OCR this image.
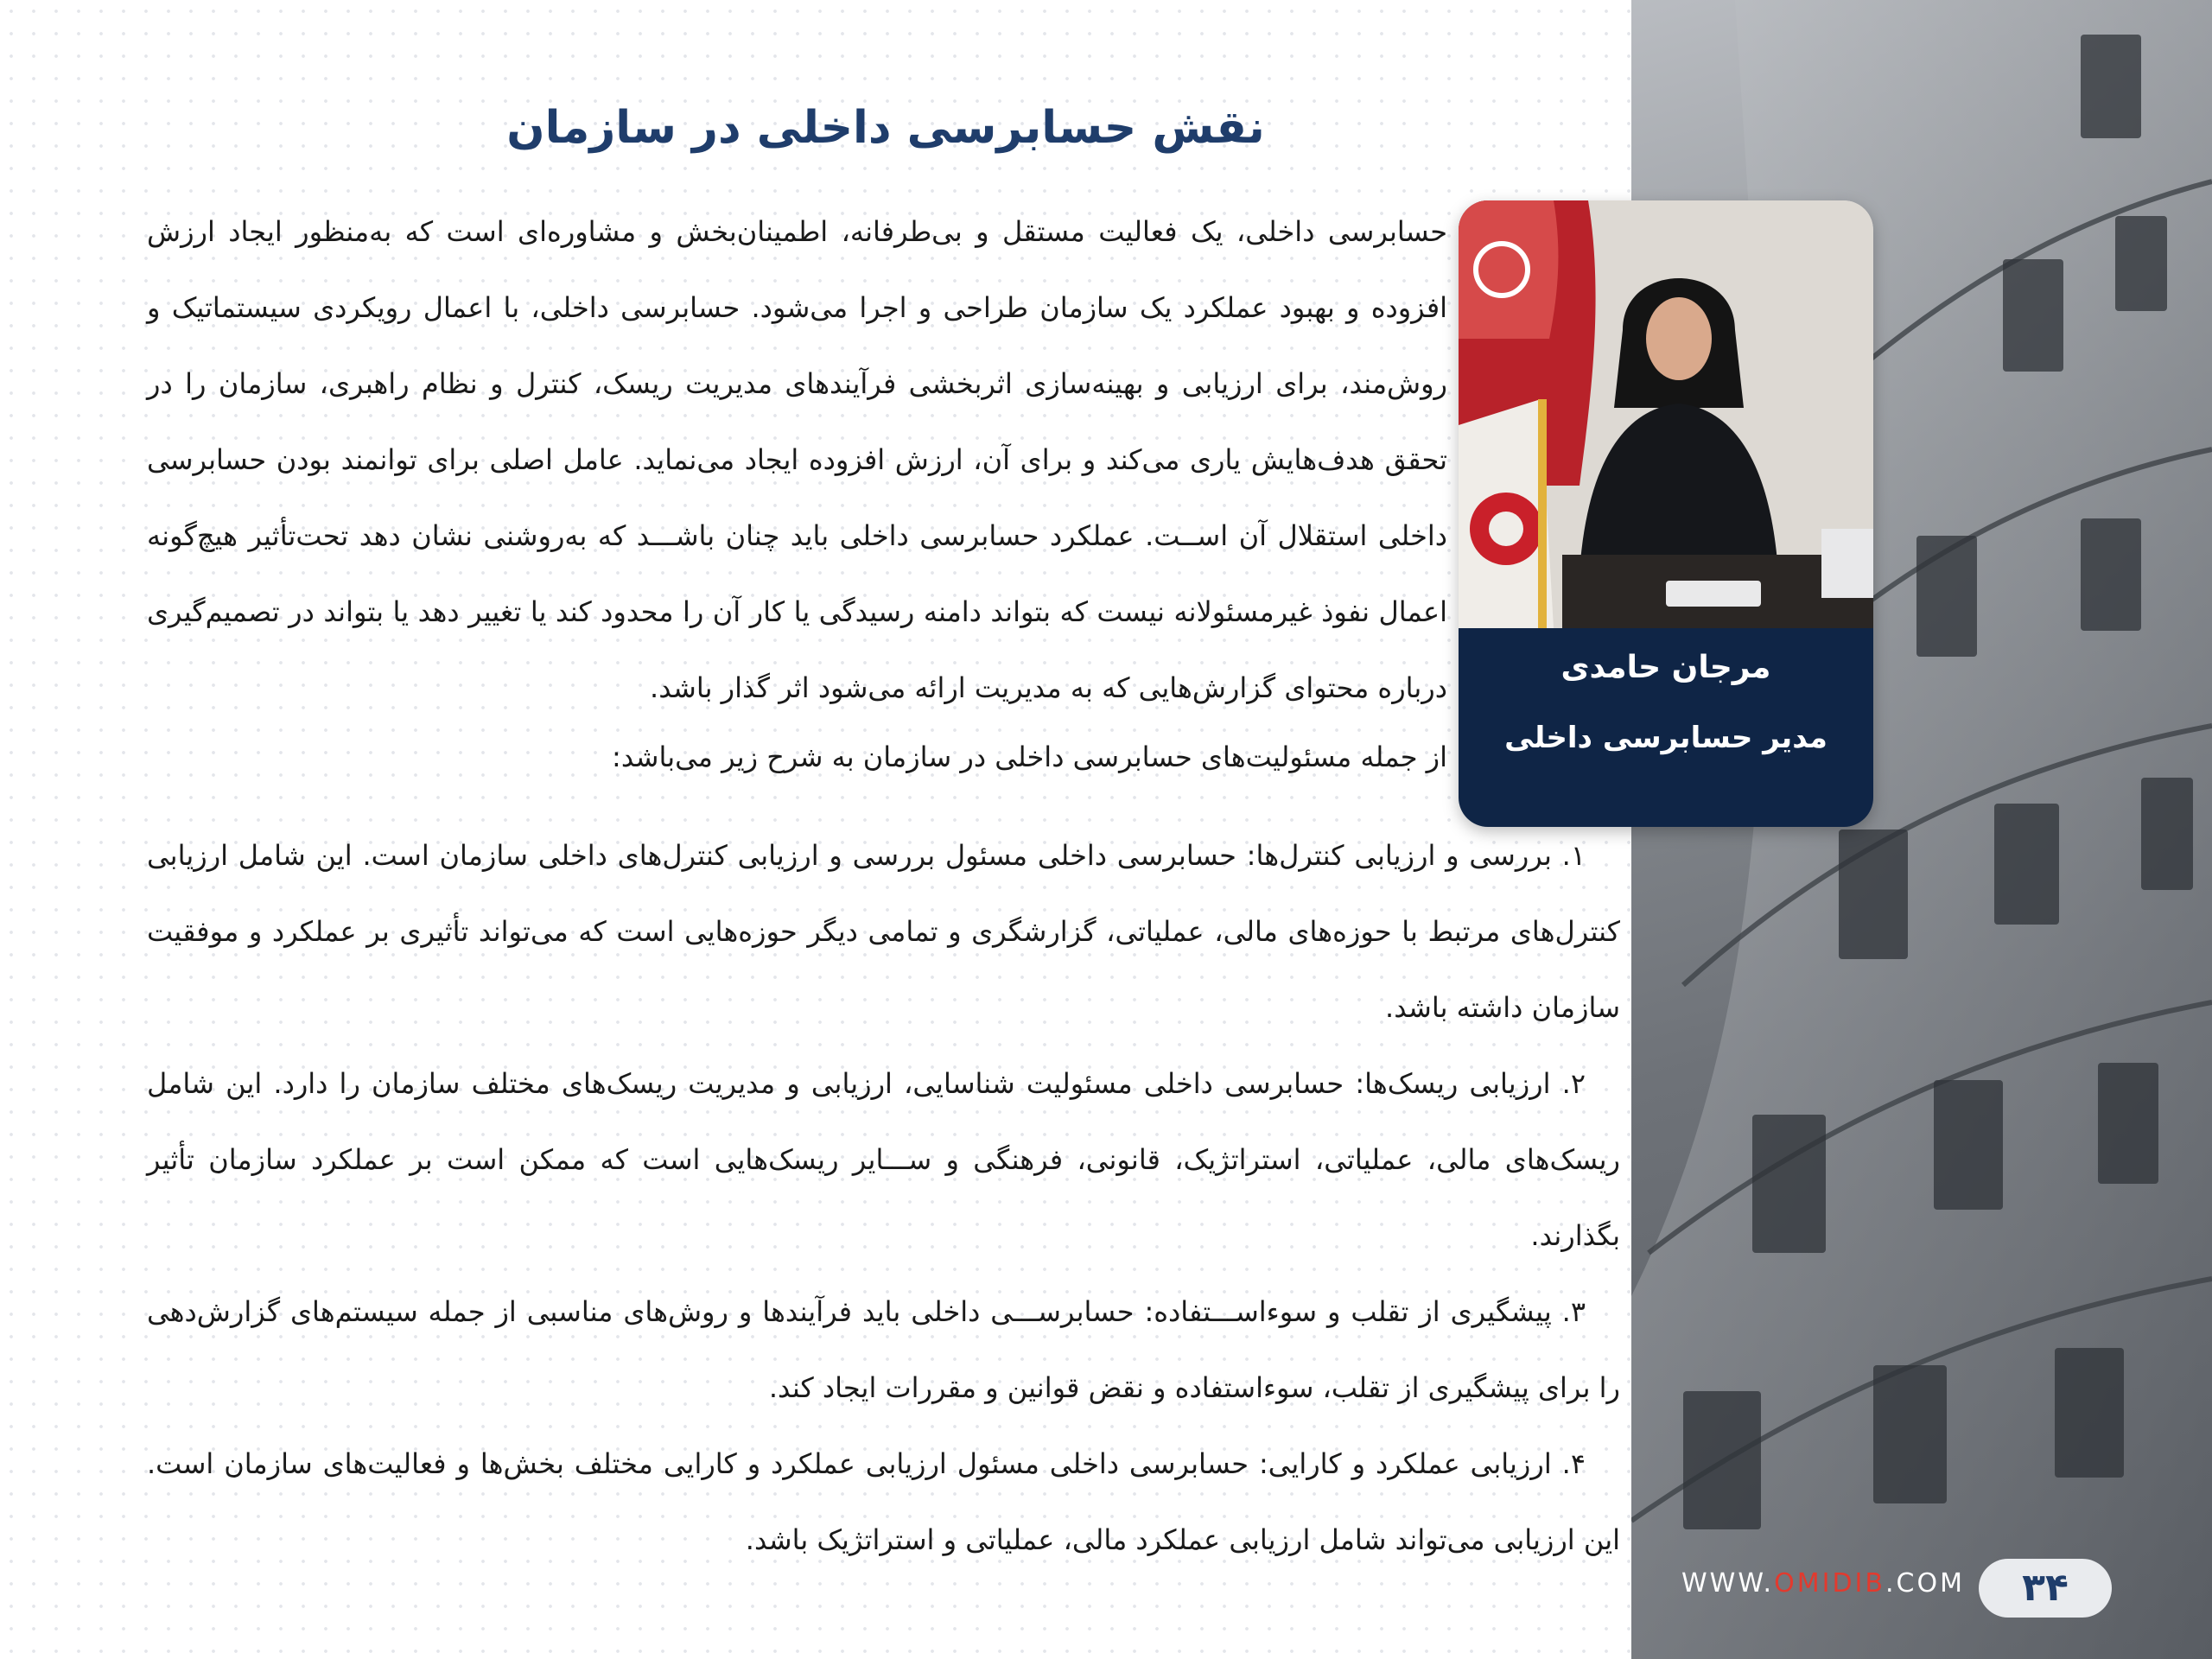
نقش حسابرسی داخلی در سازمان

حسابرسی داخلی، یک فعالیت مستقل و بی‌طرفانه، اطمینان‌بخش و مشاوره‌ای است که به‌منظور ایجاد ارزش افزوده و بهبود عملکرد یک سازمان طراحی و اجرا می‌شود. حسابرسی داخلی، با اعمال رویکردی سیستماتیک و روش‌مند، برای ارزیابی و بهینه‌سازی اثربخشی فرآیندهای مدیریت ریسک، کنترل و نظام راهبری، سازمان را در تحقق هدف‌هایش یاری می‌کند و برای آن، ارزش افزوده ایجاد می‌نماید. عامل اصلی برای توانمند بودن حسابرسی داخلی استقلال آن اســت. عملکرد حسابرسی داخلی باید چنان باشـــد که به‌روشنی نشان دهد تحت‌تأثیر هیچ‌گونه اعمال نفوذ غیرمسئولانه نیست که بتواند دامنه رسیدگی یا کار آن را محدود کند یا تغییر دهد یا بتواند در تصمیم‌گیری درباره محتوای گزارش‌هایی که به مدیریت ارائه می‌شود اثر گذار باشد.

از جمله مسئولیت‌های حسابرسی داخلی در سازمان به شرح زیر می‌باشد:

۱. بررسی و ارزیابی کنترل‌ها: حسابرسی داخلی مسئول بررسی و ارزیابی کنترل‌های داخلی سازمان است. این شامل ارزیابی کنترل‌های مرتبط با حوزه‌های مالی، عملیاتی، گزارشگری و تمامی دیگر حوزه‌هایی است که می‌تواند تأثیری بر عملکرد و موفقیت سازمان داشته باشد.

۲. ارزیابی ریسک‌ها: حسابرسی داخلی مسئولیت شناسایی، ارزیابی و مدیریت ریسک‌های مختلف سازمان را دارد. این شامل ریسک‌های مالی، عملیاتی، استراتژیک، قانونی، فرهنگی و ســـایر ریسک‌هایی است که ممکن است بر عملکرد سازمان تأثیر بگذارند.

۳. پیشگیری از تقلب و سوءاســـتفاده: حسابرســـی داخلی باید فرآیندها و روش‌های مناسبی از جمله سیستم‌های گزارش‌دهی را برای پیشگیری از تقلب، سوءاستفاده و نقض قوانین و مقررات ایجاد کند.

۴. ارزیابی عملکرد و کارایی: حسابرسی داخلی مسئول ارزیابی عملکرد و کارایی مختلف بخش‌ها و فعالیت‌های سازمان است. این ارزیابی می‌تواند شامل ارزیابی عملکرد مالی، عملیاتی و استراتژیک باشد.

مرجان حامدی
مدیر حسابرسی داخلی
WWW.OMIDIB.COM	۳۴
